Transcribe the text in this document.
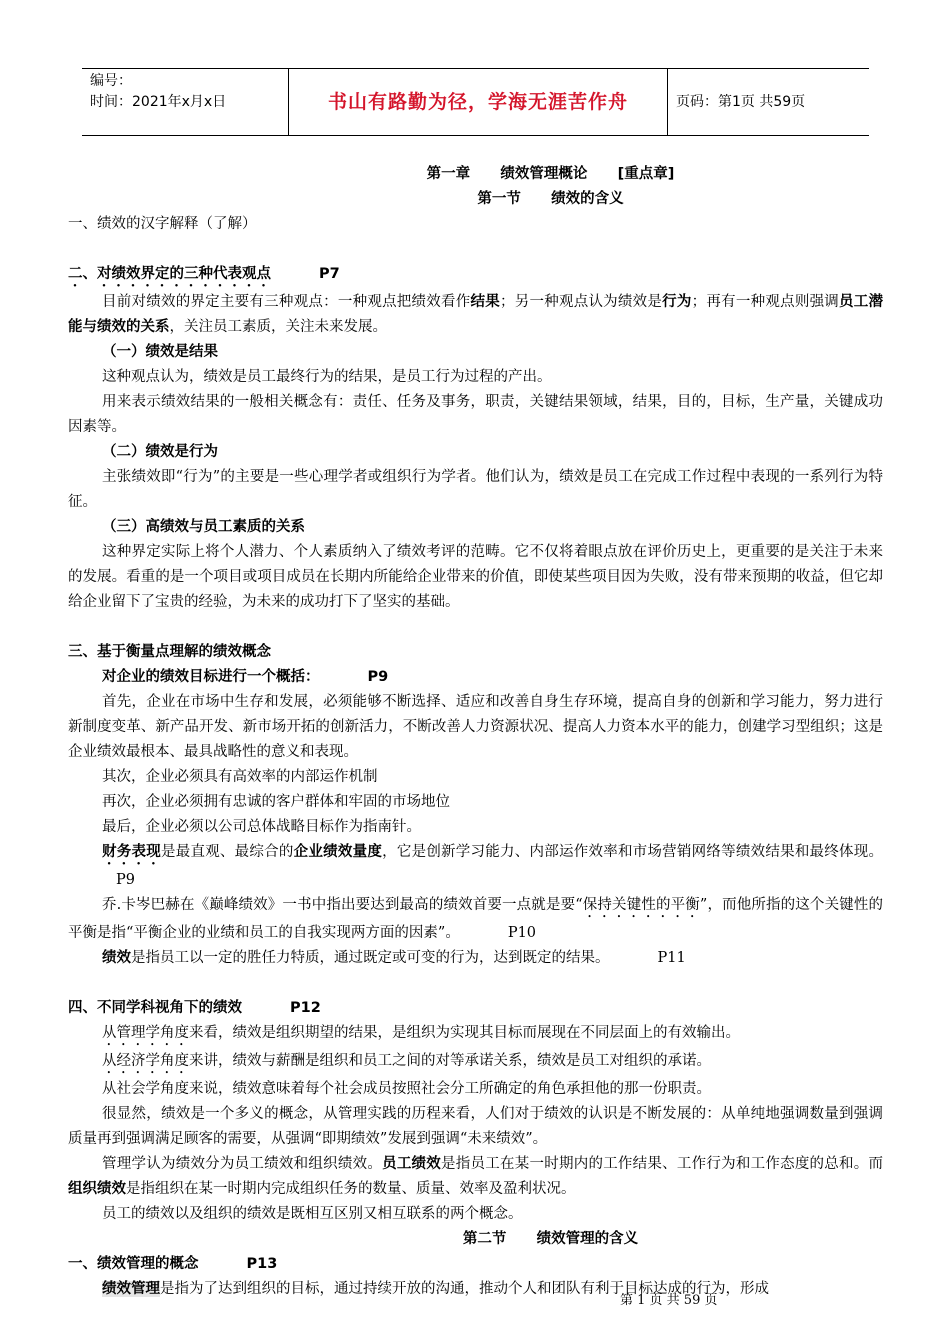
编号：
时间：2021年x月x日	书山有路勤为径，学海无涯苦作舟	页码：第1页 共59页
第一章      绩效管理概论      [重点章]
第一节      绩效的含义
一、绩效的汉字解释（了解）
二、对绩效界定的三种代表观点	P7

目前对绩效的界定主要有三种观点：一种观点把绩效看作结果；另一种观点认为绩效是行为；再有一种观点则强调员工潜能与绩效的关系，关注员工素质，关注未来发展。

（一）绩效是结果

这种观点认为，绩效是员工最终行为的结果，是员工行为过程的产出。

用来表示绩效结果的一般相关概念有：责任、任务及事务，职责，关键结果领域，结果，目的，目标，生产量，关键成功因素等。

（二）绩效是行为

主张绩效即“行为”的主要是一些心理学者或组织行为学者。他们认为，绩效是员工在完成工作过程中表现的一系列行为特征。

（三）高绩效与员工素质的关系

这种界定实际上将个人潜力、个人素质纳入了绩效考评的范畴。它不仅将着眼点放在评价历史上，更重要的是关注于未来的发展。看重的是一个项目或项目成员在长期内所能给企业带来的价值，即使某些项目因为失败，没有带来预期的收益，但它却给企业留下了宝贵的经验，为未来的成功打下了坚实的基础。

三、基于衡量点理解的绩效概念
对企业的绩效目标进行一个概括：	P9

首先，企业在市场中生存和发展，必须能够不断选择、适应和改善自身生存环境，提高自身的创新和学习能力，努力进行新制度变革、新产品开发、新市场开拓的创新活力，不断改善人力资源状况、提高人力资本水平的能力，创建学习型组织；这是企业绩效最根本、最具战略性的意义和表现。

其次，企业必须具有高效率的内部运作机制

再次，企业必须拥有忠诚的客户群体和牢固的市场地位

最后，企业必须以公司总体战略目标作为指南针。

财务表现是最直观、最综合的企业绩效量度，它是创新学习能力、内部运作效率和市场营销网络等绩效结果和最终体现。P9

乔.卡岑巴赫在《巅峰绩效》一书中指出要达到最高的绩效首要一点就是要“保持关键性的平衡”，而他所指的这个关键性的平衡是指“平衡企业的业绩和员工的自我实现两方面的因素”。	P10

绩效是指员工以一定的胜任力特质，通过既定或可变的行为，达到既定的结果。	P11

四、不同学科视角下的绩效	P12

从管理学角度来看，绩效是组织期望的结果，是组织为实现其目标而展现在不同层面上的有效输出。

从经济学角度来讲，绩效与薪酬是组织和员工之间的对等承诺关系，绩效是员工对组织的承诺。

从社会学角度来说，绩效意味着每个社会成员按照社会分工所确定的角色承担他的那一份职责。

很显然，绩效是一个多义的概念，从管理实践的历程来看，人们对于绩效的认识是不断发展的：从单纯地强调数量到强调质量再到强调满足顾客的需要，从强调“即期绩效”发展到强调“未来绩效”。

管理学认为绩效分为员工绩效和组织绩效。员工绩效是指员工在某一时期内的工作结果、工作行为和工作态度的总和。而组织绩效是指组织在某一时期内完成组织任务的数量、质量、效率及盈利状况。

员工的绩效以及组织的绩效是既相互区别又相互联系的两个概念。

第二节      绩效管理的含义
一、绩效管理的概念	P13

绩效管理是指为了达到组织的目标，通过持续开放的沟通，推动个人和团队有利于目标达成的行为，形成

第 1 页 共 59 页
